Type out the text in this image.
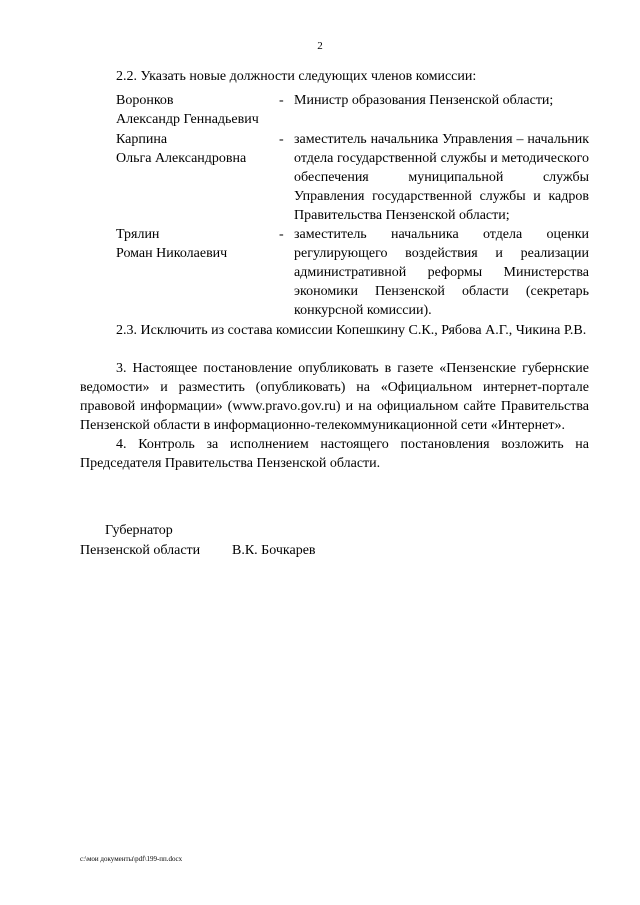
2

2.2. Указать новые должности следующих членов комиссии:

Воронков
Александр Геннадьевич
- Министр образования Пензенской области;
Карпина
Ольга Александровна
- заместитель начальника Управления – начальник отдела государственной службы и методического обеспечения муниципальной службы Управления государственной службы и кадров Правительства Пензенской области;
Трялин
Роман Николаевич
- заместитель начальника отдела оценки регулирующего воздействия и реализации административной реформы Министерства экономики Пензенской области (секретарь конкурсной комиссии).

2.3. Исключить из состава комиссии Копешкину С.К., Рябова А.Г., Чикина Р.В.

3. Настоящее постановление опубликовать в газете «Пензенские губернские ведомости» и разместить (опубликовать) на «Официальном интернет-портале правовой информации» (www.pravo.gov.ru) и на официальном сайте Правительства Пензенской области в информационно-телекоммуникационной сети «Интернет».

4. Контроль за исполнением настоящего постановления возложить на Председателя Правительства Пензенской области.

Губернатор
Пензенской области В.К. Бочкарев
c:\мои документы\pdf\199-пп.docx
